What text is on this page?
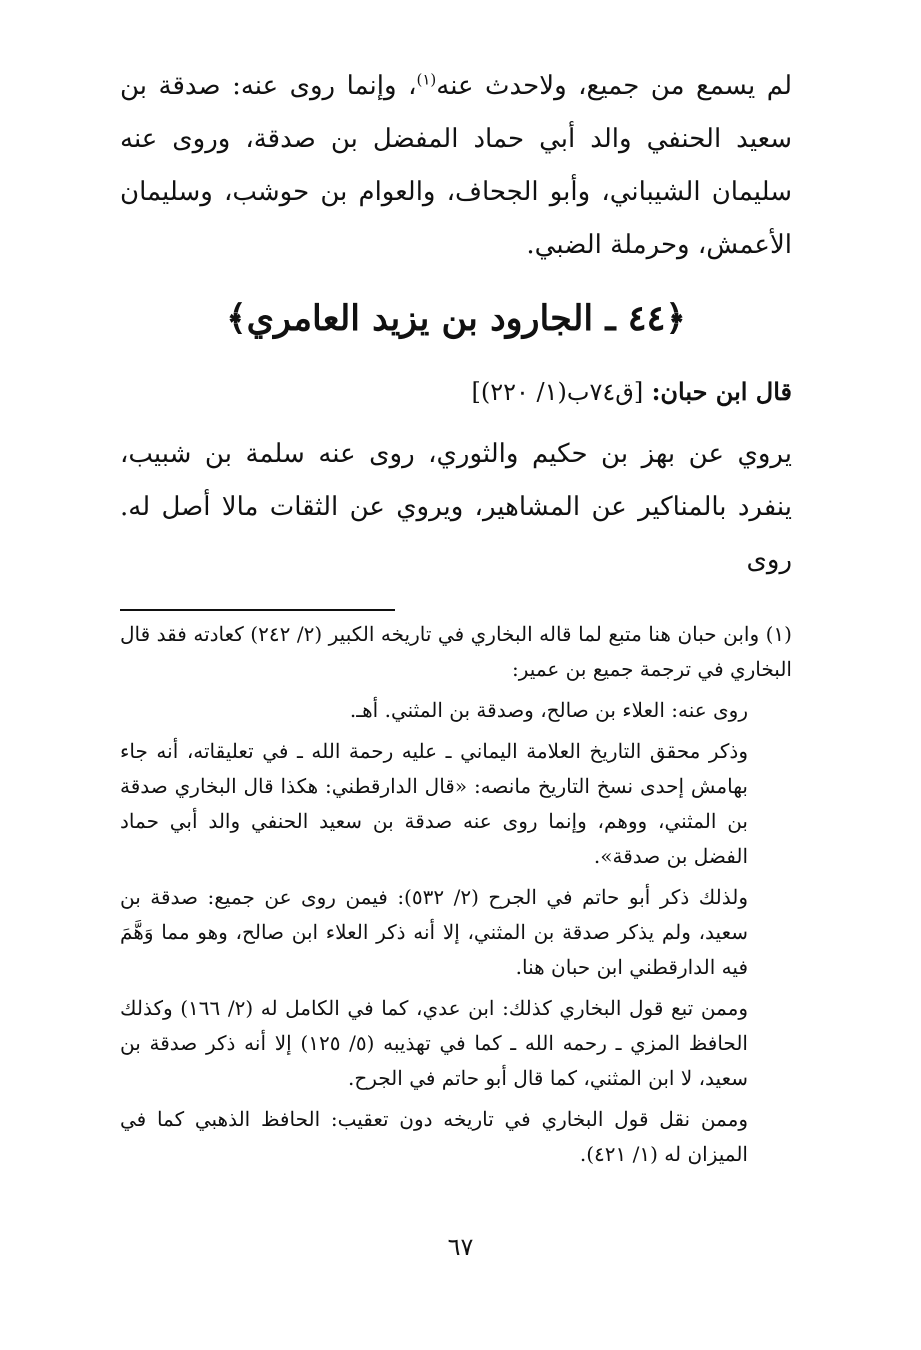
لم يسمع من جميع، ولاحدث عنه$^{(١)}$، وإنما روى عنه: صدقة بن سعيد الحنفي والد أبي حماد المفضل بن صدقة، وروى عنه سليمان الشيباني، وأبو الجحاف، والعوام بن حوشب، وسليمان الأعمش، وحرملة الضبي.

﴿٤٤ ـ الجارود بن يزيد العامري﴾
قال ابن حبان: [ق٧٤ب(١/ ٢٢٠)]

يروي عن بهز بن حكيم والثوري، روى عنه سلمة بن شبيب، ينفرد بالمناكير عن المشاهير، ويروي عن الثقات مالا أصل له. روى

(١) وابن حبان هنا متبع لما قاله البخاري في تاريخه الكبير (٢/ ٢٤٢) كعادته فقد قال البخاري في ترجمة جميع بن عمير:

روى عنه: العلاء بن صالح، وصدقة بن المثني. أهـ.

وذكر محقق التاريخ العلامة اليماني ـ عليه رحمة الله ـ في تعليقاته، أنه جاء بهامش إحدى نسخ التاريخ مانصه: «قال الدارقطني: هكذا قال البخاري صدقة بن المثني، ووهم، وإنما روى عنه صدقة بن سعيد الحنفي والد أبي حماد الفضل بن صدقة».

ولذلك ذكر أبو حاتم في الجرح (٢/ ٥٣٢): فيمن روى عن جميع: صدقة بن سعيد، ولم يذكر صدقة بن المثني، إلا أنه ذكر العلاء ابن صالح، وهو مما وَهَّمَ فيه الدارقطني ابن حبان هنا.

وممن تبع قول البخاري كذلك: ابن عدي، كما في الكامل له (٢/ ١٦٦) وكذلك الحافظ المزي ـ رحمه الله ـ كما في تهذيبه (٥/ ١٢٥) إلا أنه ذكر صدقة بن سعيد، لا ابن المثني، كما قال أبو حاتم في الجرح.

وممن نقل قول البخاري في تاريخه دون تعقيب: الحافظ الذهبي كما في الميزان له (١/ ٤٢١).

٦٧
